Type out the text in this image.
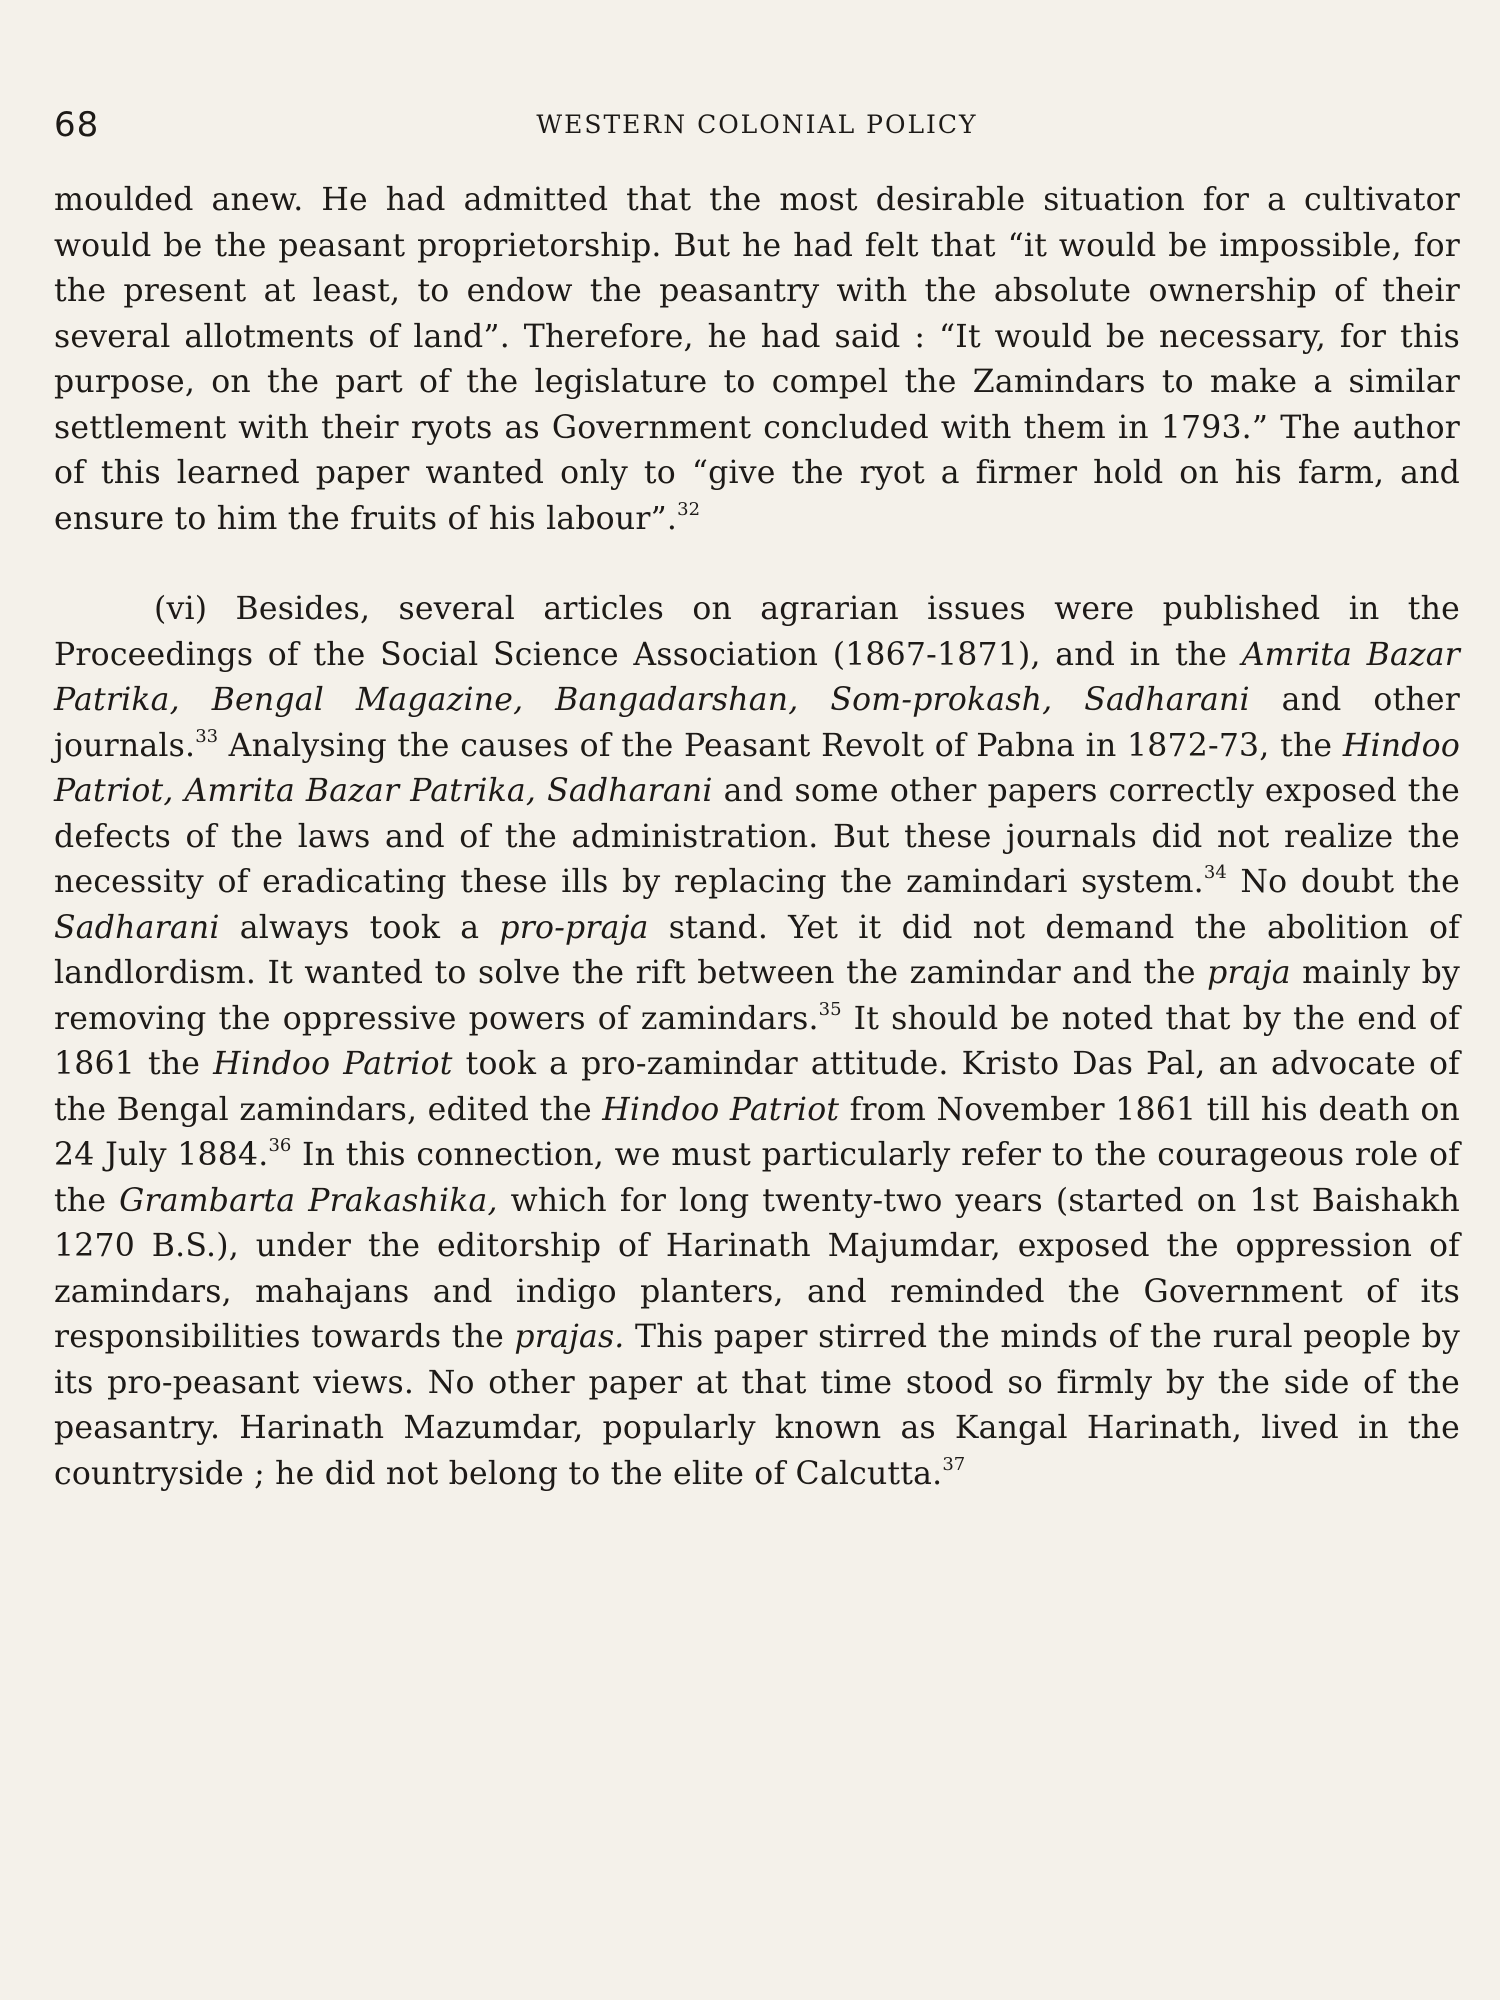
68	WESTERN COLONIAL POLICY

moulded anew. He had admitted that the most desirable situation for a cultivator would be the peasant proprietorship. But he had felt that “it would be impossible, for the present at least, to endow the peasantry with the absolute ownership of their several allotments of land”. Therefore, he had said : “It would be necessary, for this purpose, on the part of the legislature to compel the Zamindars to make a similar settlement with their ryots as Government concluded with them in 1793.” The author of this learned paper wanted only to “give the ryot a firmer hold on his farm, and ensure to him the fruits of his labour”.$^{32}$

(vi) Besides, several articles on agrarian issues were published in the Proceedings of the Social Science Association (1867-1871), and in the Amrita Bazar Patrika, Bengal Magazine, Bangadarshan, Som-prokash, Sadharani and other journals.$^{33}$ Analysing the causes of the Peasant Revolt of Pabna in 1872-73, the Hindoo Patriot, Amrita Bazar Patrika, Sadharani and some other papers correctly exposed the defects of the laws and of the administration. But these journals did not realize the necessity of eradicating these ills by replacing the zamindari system.$^{34}$ No doubt the Sadharani always took a pro-praja stand. Yet it did not demand the abolition of landlordism. It wanted to solve the rift between the zamindar and the praja mainly by removing the oppressive powers of zamindars.$^{35}$ It should be noted that by the end of 1861 the Hindoo Patriot took a pro-zamindar attitude. Kristo Das Pal, an advocate of the Bengal zamindars, edited the Hindoo Patriot from November 1861 till his death on 24 July 1884.36 In this connection, we must particularly refer to the courageous role of the Grambarta Prakashika, which for long twenty-two years (started on 1st Baishakh 1270 B.S.), under the editorship of Harinath Majumdar, exposed the oppression of zamindars, mahajans and indigo planters, and reminded the Government of its responsibilities towards the prajas. This paper stirred the minds of the rural people by its pro-peasant views. No other paper at that time stood so firmly by the side of the peasantry. Harinath Mazumdar, popularly known as Kangal Harinath, lived in the countryside ; he did not belong to the elite of Calcutta.$^{37}$
